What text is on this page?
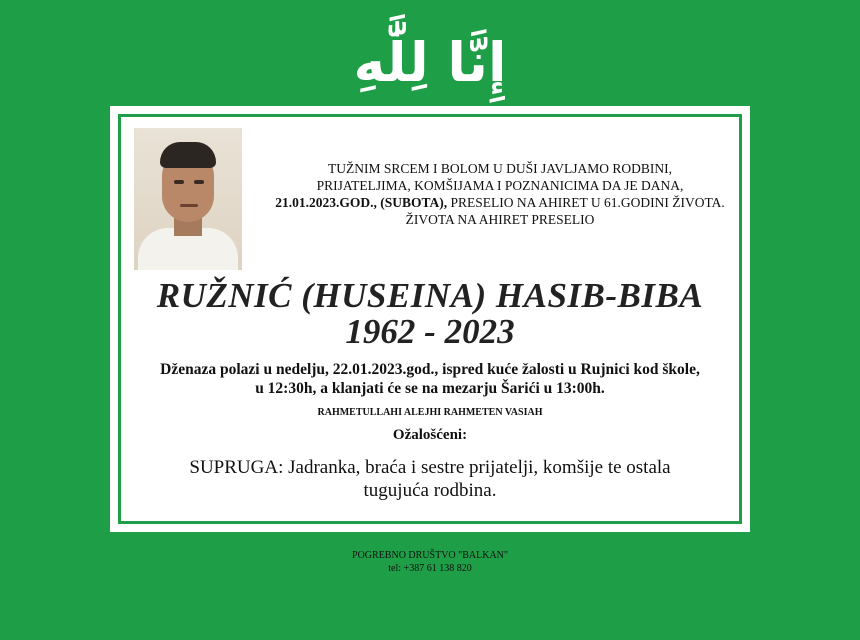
إِنَّا لِلَّٰهِ
TUŽNIM SRCEM I BOLOM U DUŠI JAVLJAMO RODBINI,
PRIJATELJIMA, KOMŠIJAMA I POZNANICIMA DA JE DANA,
21.01.2023.GOD., (SUBOTA), PRESELIO NA AHIRET U 61.GODINI ŽIVOTA.
ŽIVOTA NA AHIRET PRESELIO
RUŽNIĆ (HUSEINA) HASIB-BIBA
1962 - 2023
Dženaza polazi u nedelju, 22.01.2023.god., ispred kuće žalosti u Rujnici kod škole,
u 12:30h, a klanjati će se na mezarju Šarići u 13:00h.
RAHMETULLAHI ALEJHI RAHMETEN VASIAH
Ožalošćeni:
SUPRUGA: Jadranka, braća i sestre prijatelji, komšije te ostala
tugujuća rodbina.
POGREBNO DRUŠTVO "BALKAN"
tel: +387 61 138 820
